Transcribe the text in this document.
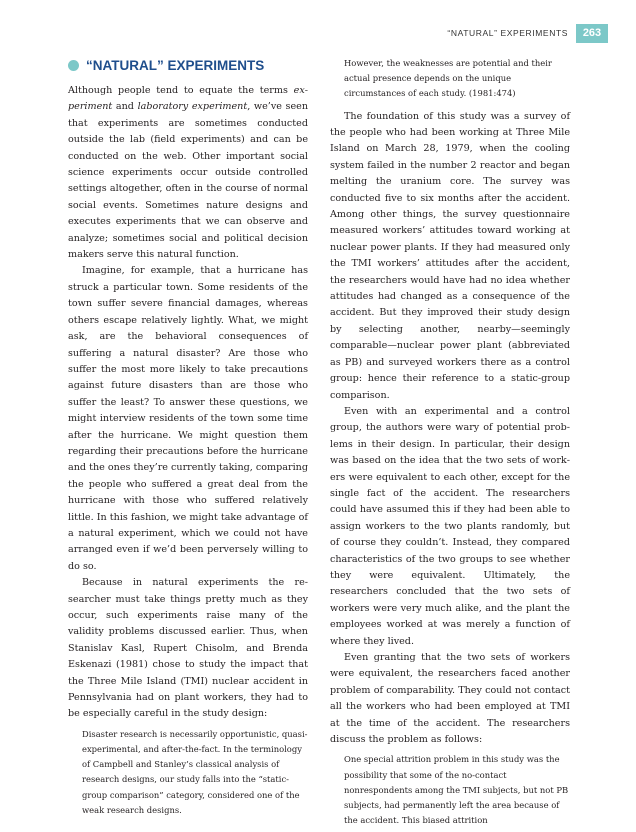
“NATURAL” EXPERIMENTS	263
“NATURAL” EXPERIMENTS

Although people tend to equate the terms experiment and laboratory experiment, we’ve seen that experiments are sometimes conducted outside the lab (field experiments) and can be conducted on the web. Other important social science experiments occur outside controlled settings altogether, often in the course of normal social events. Sometimes nature designs and executes experiments that we can observe and analyze; sometimes social and political decision makers serve this natural function.

Imagine, for example, that a hurricane has struck a particular town. Some residents of the town suffer severe financial damages, whereas others escape relatively lightly. What, we might ask, are the behavioral consequences of suffering a natural disaster? Are those who suffer the most more likely to take precautions against future disasters than are those who suffer the least? To answer these questions, we might interview residents of the town some time after the hurricane. We might question them regarding their precautions before the hurricane and the ones they’re currently taking, comparing the people who suffered a great deal from the hurricane with those who suffered relatively little. In this fashion, we might take advantage of a natural experiment, which we could not have arranged even if we’d been perversely willing to do so.

Because in natural experiments the researcher must take things pretty much as they occur, such experiments raise many of the validity problems discussed earlier. Thus, when Stanislav Kasl, Rupert Chisolm, and Brenda Eskenazi (1981) chose to study the impact that the Three Mile Island (TMI) nuclear accident in Pennsylvania had on plant workers, they had to be especially careful in the study design:

Disaster research is necessarily opportunistic, quasi-experimental, and after-the-fact. In the terminology of Campbell and Stanley’s classical analysis of research designs, our study falls into the “static-group comparison” category, considered one of the weak research designs.
However, the weaknesses are potential and their actual presence depends on the unique circumstances of each study. (1981:474)

The foundation of this study was a survey of the people who had been working at Three Mile Island on March 28, 1979, when the cooling system failed in the number 2 reactor and began melting the uranium core. The survey was conducted five to six months after the accident. Among other things, the survey questionnaire measured workers’ attitudes toward working at nuclear power plants. If they had measured only the TMI workers’ attitudes after the accident, the researchers would have had no idea whether attitudes had changed as a consequence of the accident. But they improved their study design by selecting another, nearby—seemingly comparable—nuclear power plant (abbreviated as PB) and surveyed workers there as a control group: hence their reference to a static-group comparison.

Even with an experimental and a control group, the authors were wary of potential problems in their design. In particular, their design was based on the idea that the two sets of workers were equivalent to each other, except for the single fact of the accident. The researchers could have assumed this if they had been able to assign workers to the two plants randomly, but of course they couldn’t. Instead, they compared characteristics of the two groups to see whether they were equivalent. Ultimately, the researchers concluded that the two sets of workers were very much alike, and the plant the employees worked at was merely a function of where they lived.

Even granting that the two sets of workers were equivalent, the researchers faced another problem of comparability. They could not contact all the workers who had been employed at TMI at the time of the accident. The researchers discuss the problem as follows:

One special attrition problem in this study was the possibility that some of the no-contact nonrespondents among the TMI subjects, but not PB subjects, had permanently left the area because of the accident. This biased attrition
